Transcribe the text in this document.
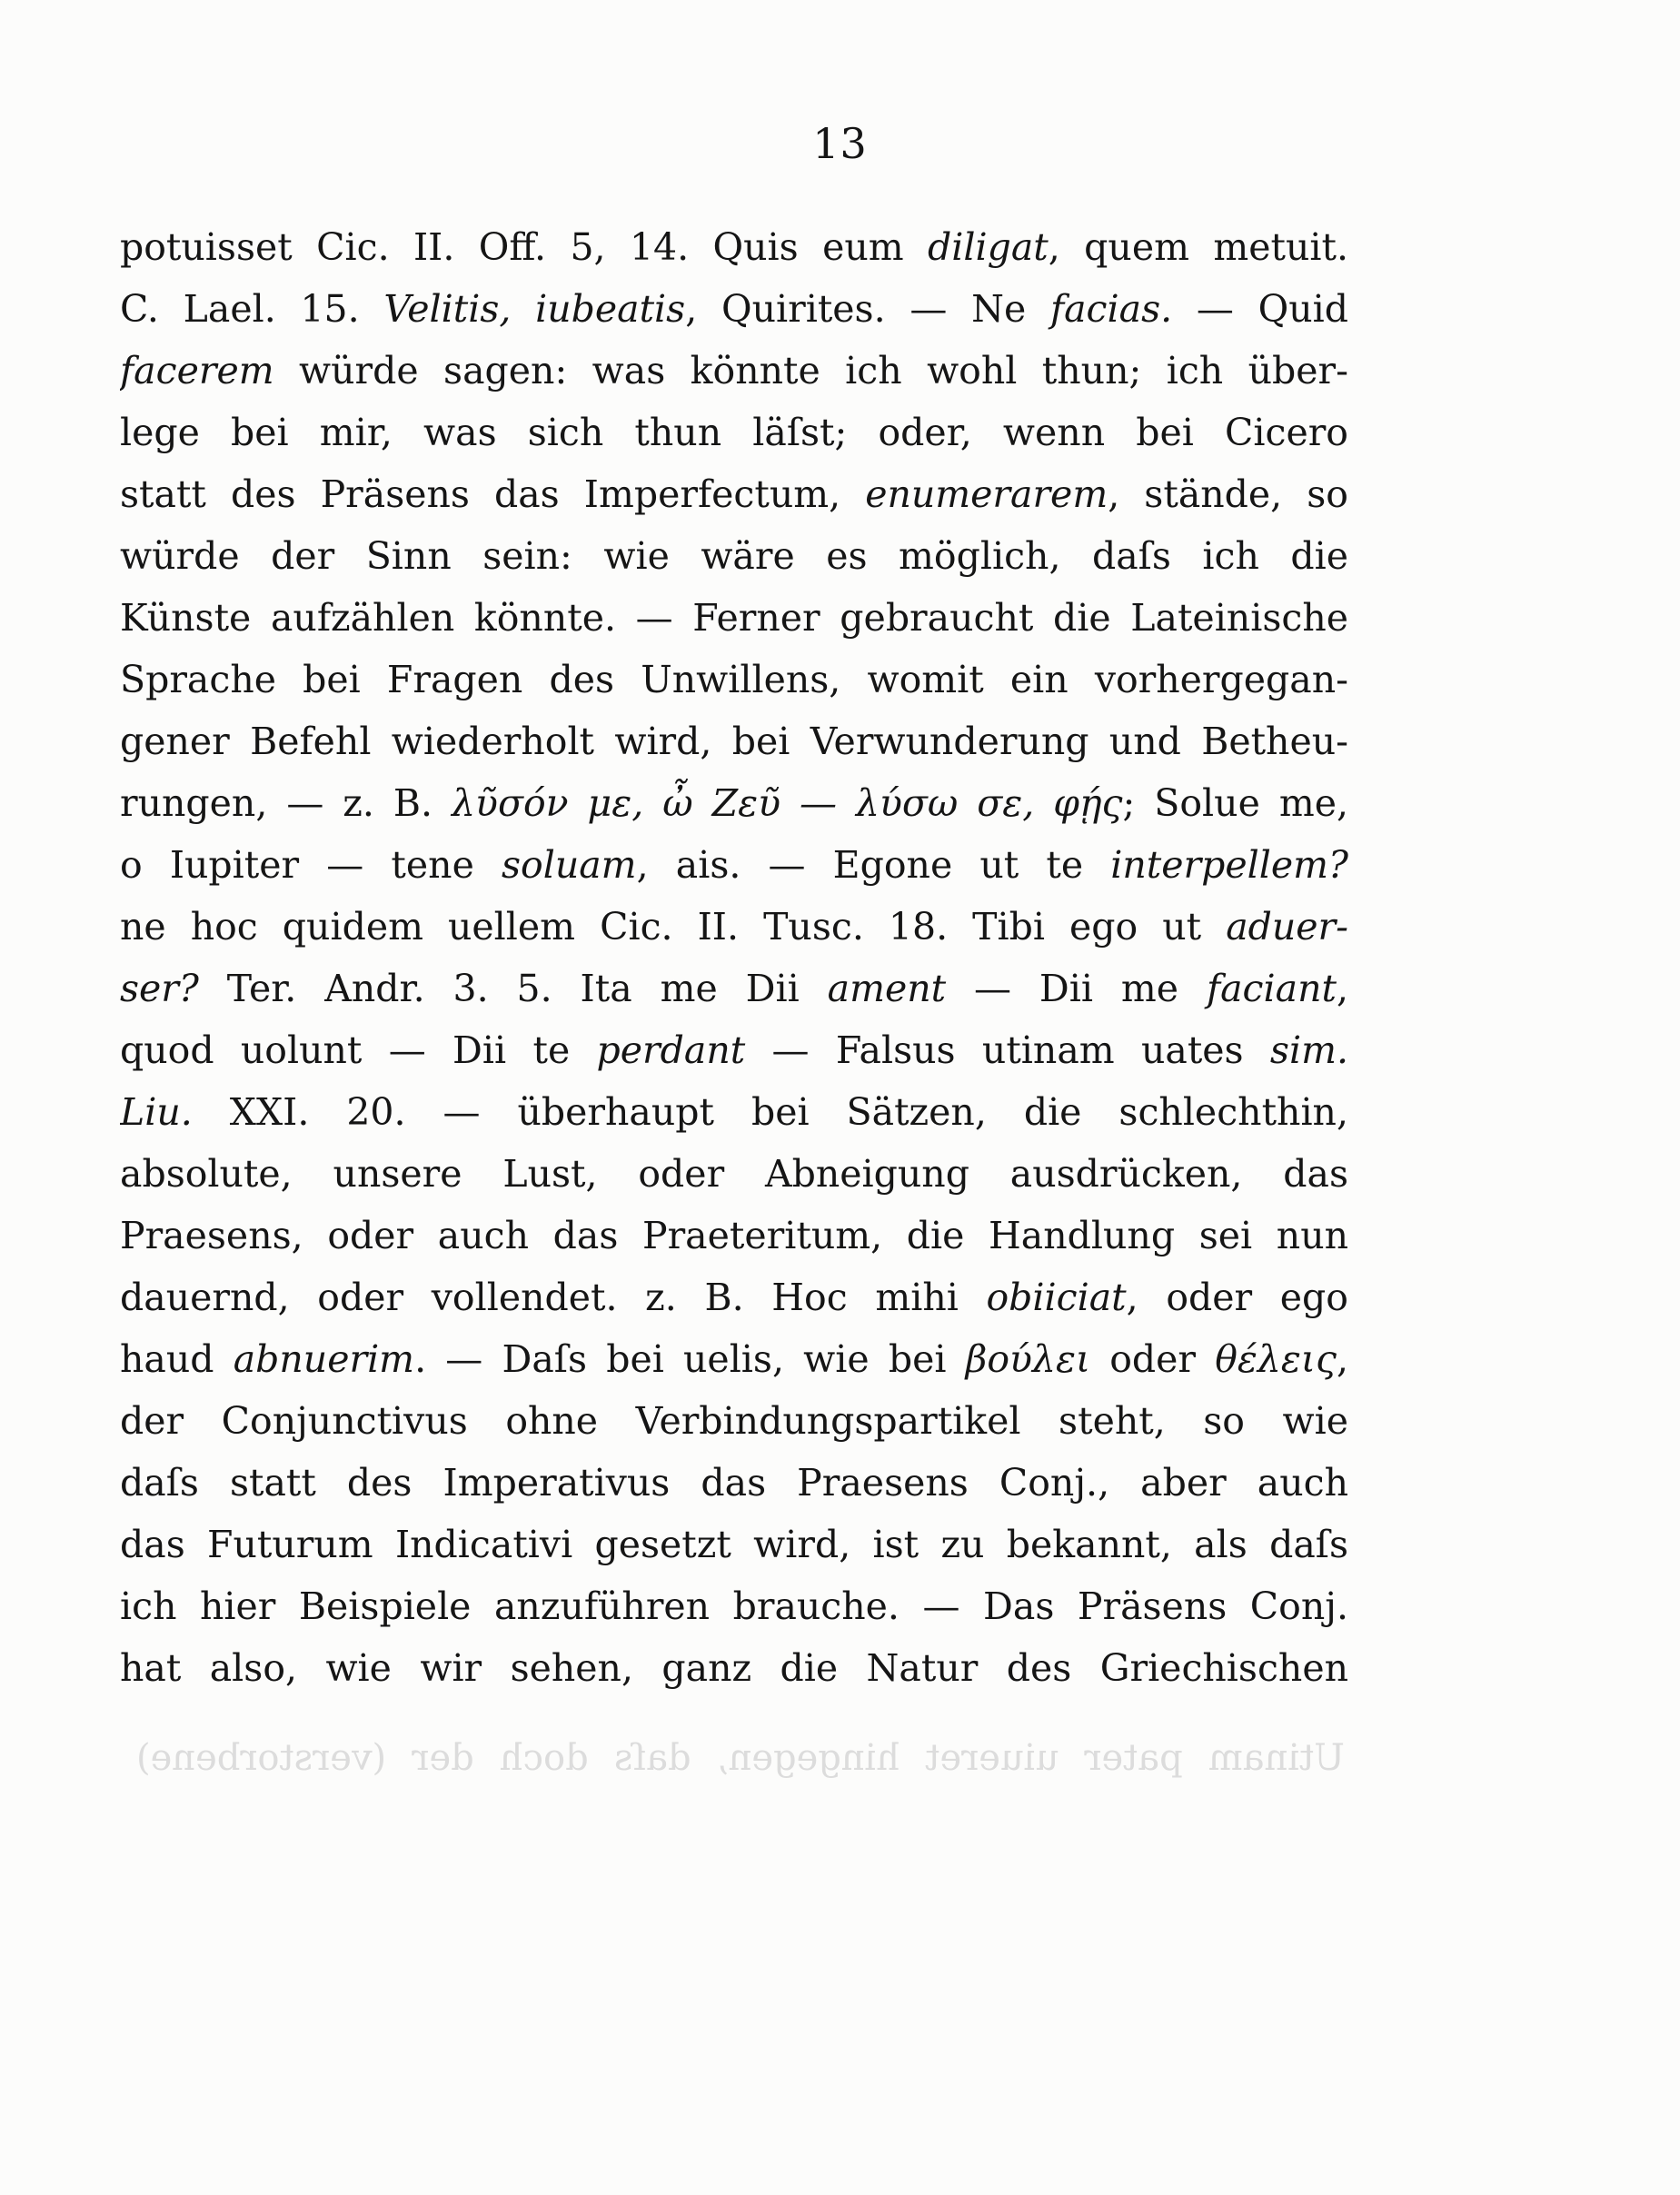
13
potuisset Cic. II. Off. 5, 14. Quis eum diligat, quem metuit.
C. Lael. 15. Velitis, iubeatis, Quirites. — Ne facias. — Quid
facerem würde sagen: was könnte ich wohl thun; ich über-
lege bei mir, was sich thun läſst; oder, wenn bei Cicero
statt des Präsens das Imperfectum, enumerarem, stände, so
würde der Sinn sein: wie wäre es möglich, daſs ich die
Künste aufzählen könnte. — Ferner gebraucht die Lateinische
Sprache bei Fragen des Unwillens, womit ein vorhergegan-
gener Befehl wiederholt wird, bei Verwunderung und Betheu-
rungen, — z. B. λῦσόν με, ὦ Ζεῦ — λύσω σε, φῄς; Solue me,
o Iupiter — tene soluam, ais. — Egone ut te interpellem?
ne hoc quidem uellem Cic. II. Tusc. 18. Tibi ego ut aduer-
ser? Ter. Andr. 3. 5. Ita me Dii ament — Dii me faciant,
quod uolunt — Dii te perdant — Falsus utinam uates sim.
Liu. XXI. 20. — überhaupt bei Sätzen, die schlechthin,
absolute, unsere Lust, oder Abneigung ausdrücken, das
Praesens, oder auch das Praeteritum, die Handlung sei nun
dauernd, oder vollendet. z. B. Hoc mihi obiiciat, oder ego
haud abnuerim. — Daſs bei uelis, wie bei βούλει oder θέλεις,
der Conjunctivus ohne Verbindungspartikel steht, so wie
daſs statt des Imperativus das Praesens Conj., aber auch
das Futurum Indicativi gesetzt wird, ist zu bekannt, als daſs
ich hier Beispiele anzuführen brauche. — Das Präsens Conj.
hat also, wie wir sehen, ganz die Natur des Griechischen
Utinam pater uiueret hingegen, daſs doch der (verstorbene)
